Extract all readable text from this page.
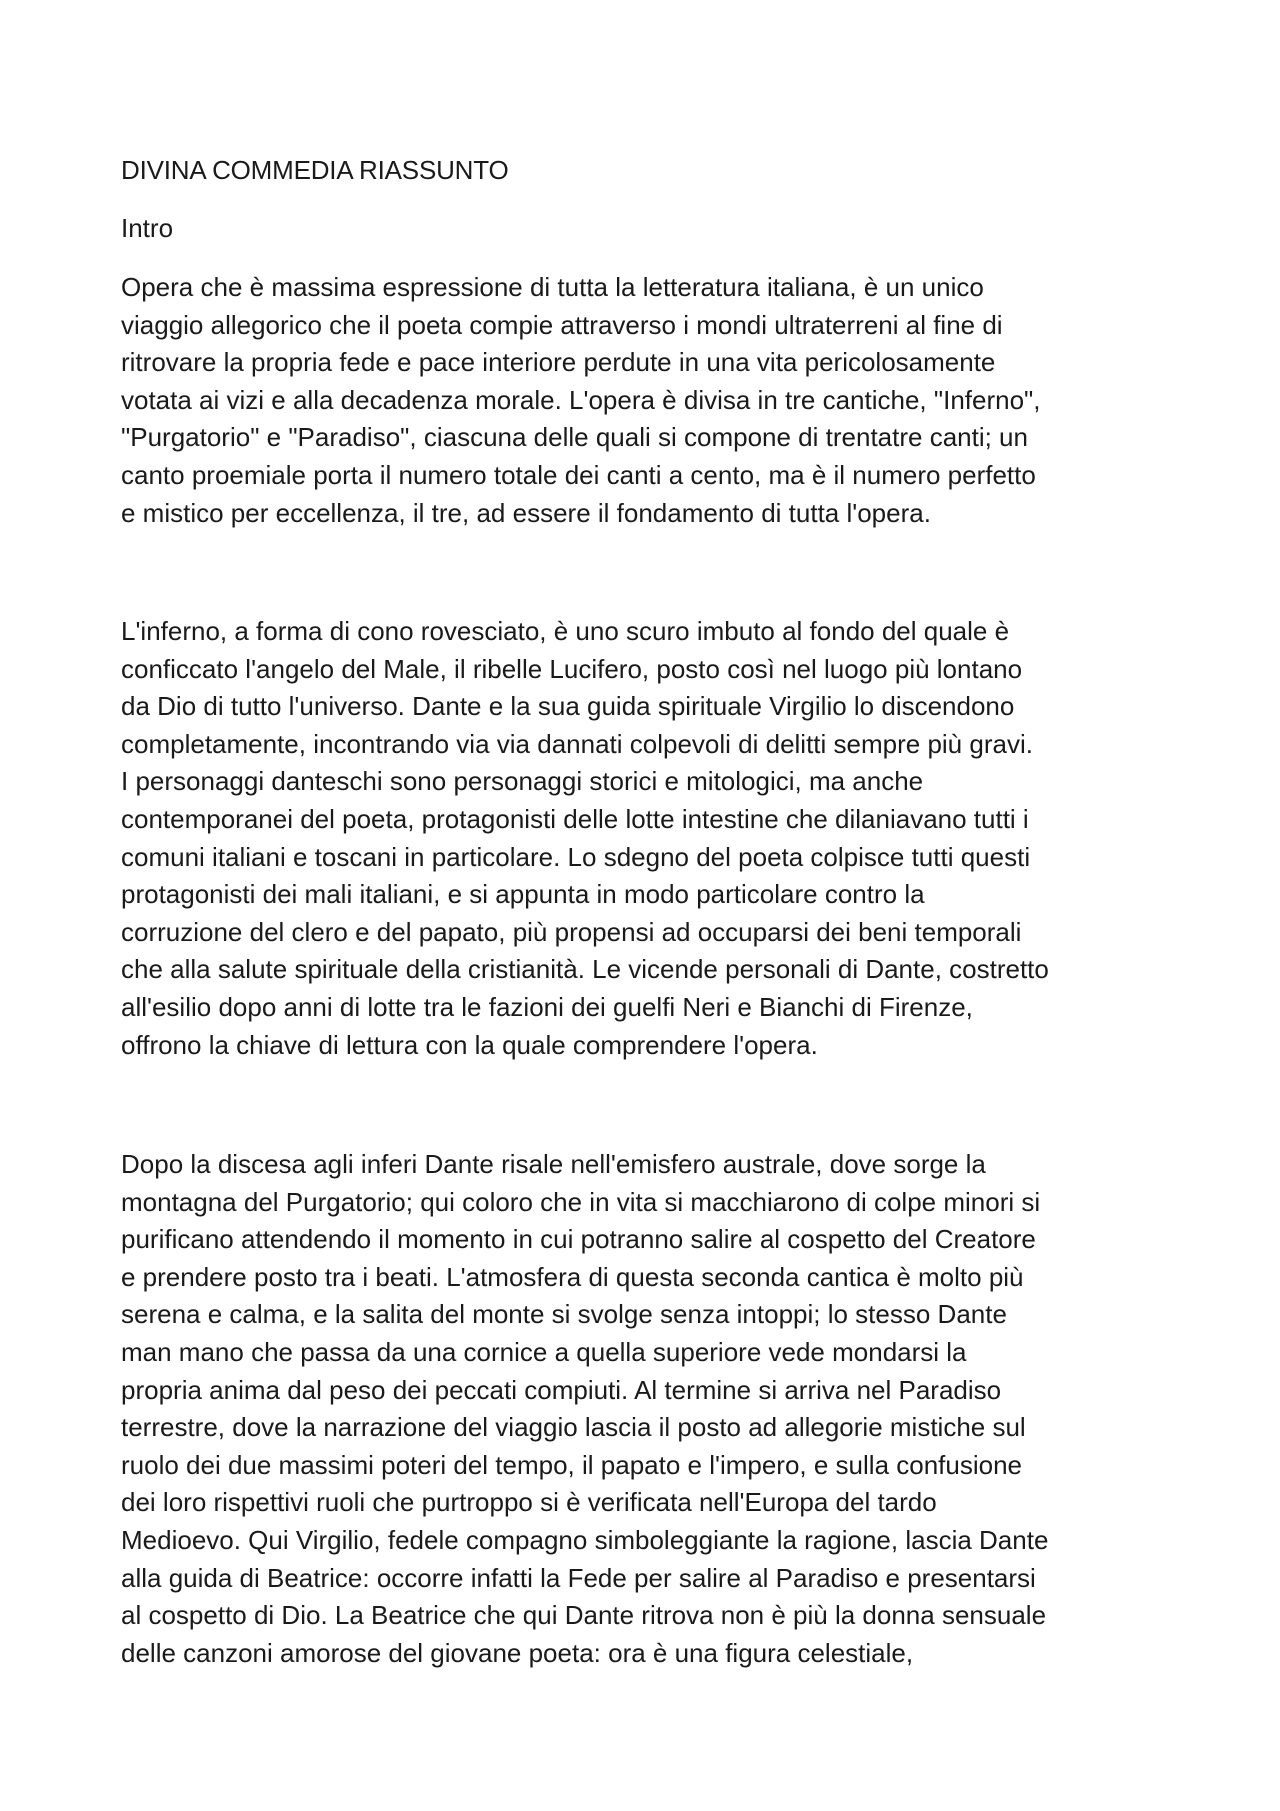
DIVINA COMMEDIA RIASSUNTO
Intro

Opera che è massima espressione di tutta la letteratura italiana, è un unico
viaggio allegorico che il poeta compie attraverso i mondi ultraterreni al fine di
ritrovare la propria fede e pace interiore perdute in una vita pericolosamente
votata ai vizi e alla decadenza morale. L'opera è divisa in tre cantiche, "Inferno",
"Purgatorio" e "Paradiso", ciascuna delle quali si compone di trentatre canti; un
canto proemiale porta il numero totale dei canti a cento, ma è il numero perfetto
e mistico per eccellenza, il tre, ad essere il fondamento di tutta l'opera.

L'inferno, a forma di cono rovesciato, è uno scuro imbuto al fondo del quale è
conficcato l'angelo del Male, il ribelle Lucifero, posto così nel luogo più lontano
da Dio di tutto l'universo. Dante e la sua guida spirituale Virgilio lo discendono
completamente, incontrando via via dannati colpevoli di delitti sempre più gravi.
I personaggi danteschi sono personaggi storici e mitologici, ma anche
contemporanei del poeta, protagonisti delle lotte intestine che dilaniavano tutti i
comuni italiani e toscani in particolare. Lo sdegno del poeta colpisce tutti questi
protagonisti dei mali italiani, e si appunta in modo particolare contro la
corruzione del clero e del papato, più propensi ad occuparsi dei beni temporali
che alla salute spirituale della cristianità. Le vicende personali di Dante, costretto
all'esilio dopo anni di lotte tra le fazioni dei guelfi Neri e Bianchi di Firenze,
offrono la chiave di lettura con la quale comprendere l'opera.

Dopo la discesa agli inferi Dante risale nell'emisfero australe, dove sorge la
montagna del Purgatorio; qui coloro che in vita si macchiarono di colpe minori si
purificano attendendo il momento in cui potranno salire al cospetto del Creatore
e prendere posto tra i beati. L'atmosfera di questa seconda cantica è molto più
serena e calma, e la salita del monte si svolge senza intoppi; lo stesso Dante
man mano che passa da una cornice a quella superiore vede mondarsi la
propria anima dal peso dei peccati compiuti. Al termine si arriva nel Paradiso
terrestre, dove la narrazione del viaggio lascia il posto ad allegorie mistiche sul
ruolo dei due massimi poteri del tempo, il papato e l'impero, e sulla confusione
dei loro rispettivi ruoli che purtroppo si è verificata nell'Europa del tardo
Medioevo. Qui Virgilio, fedele compagno simboleggiante la ragione, lascia Dante
alla guida di Beatrice: occorre infatti la Fede per salire al Paradiso e presentarsi
al cospetto di Dio. La Beatrice che qui Dante ritrova non è più la donna sensuale
delle canzoni amorose del giovane poeta: ora è una figura celestiale,
